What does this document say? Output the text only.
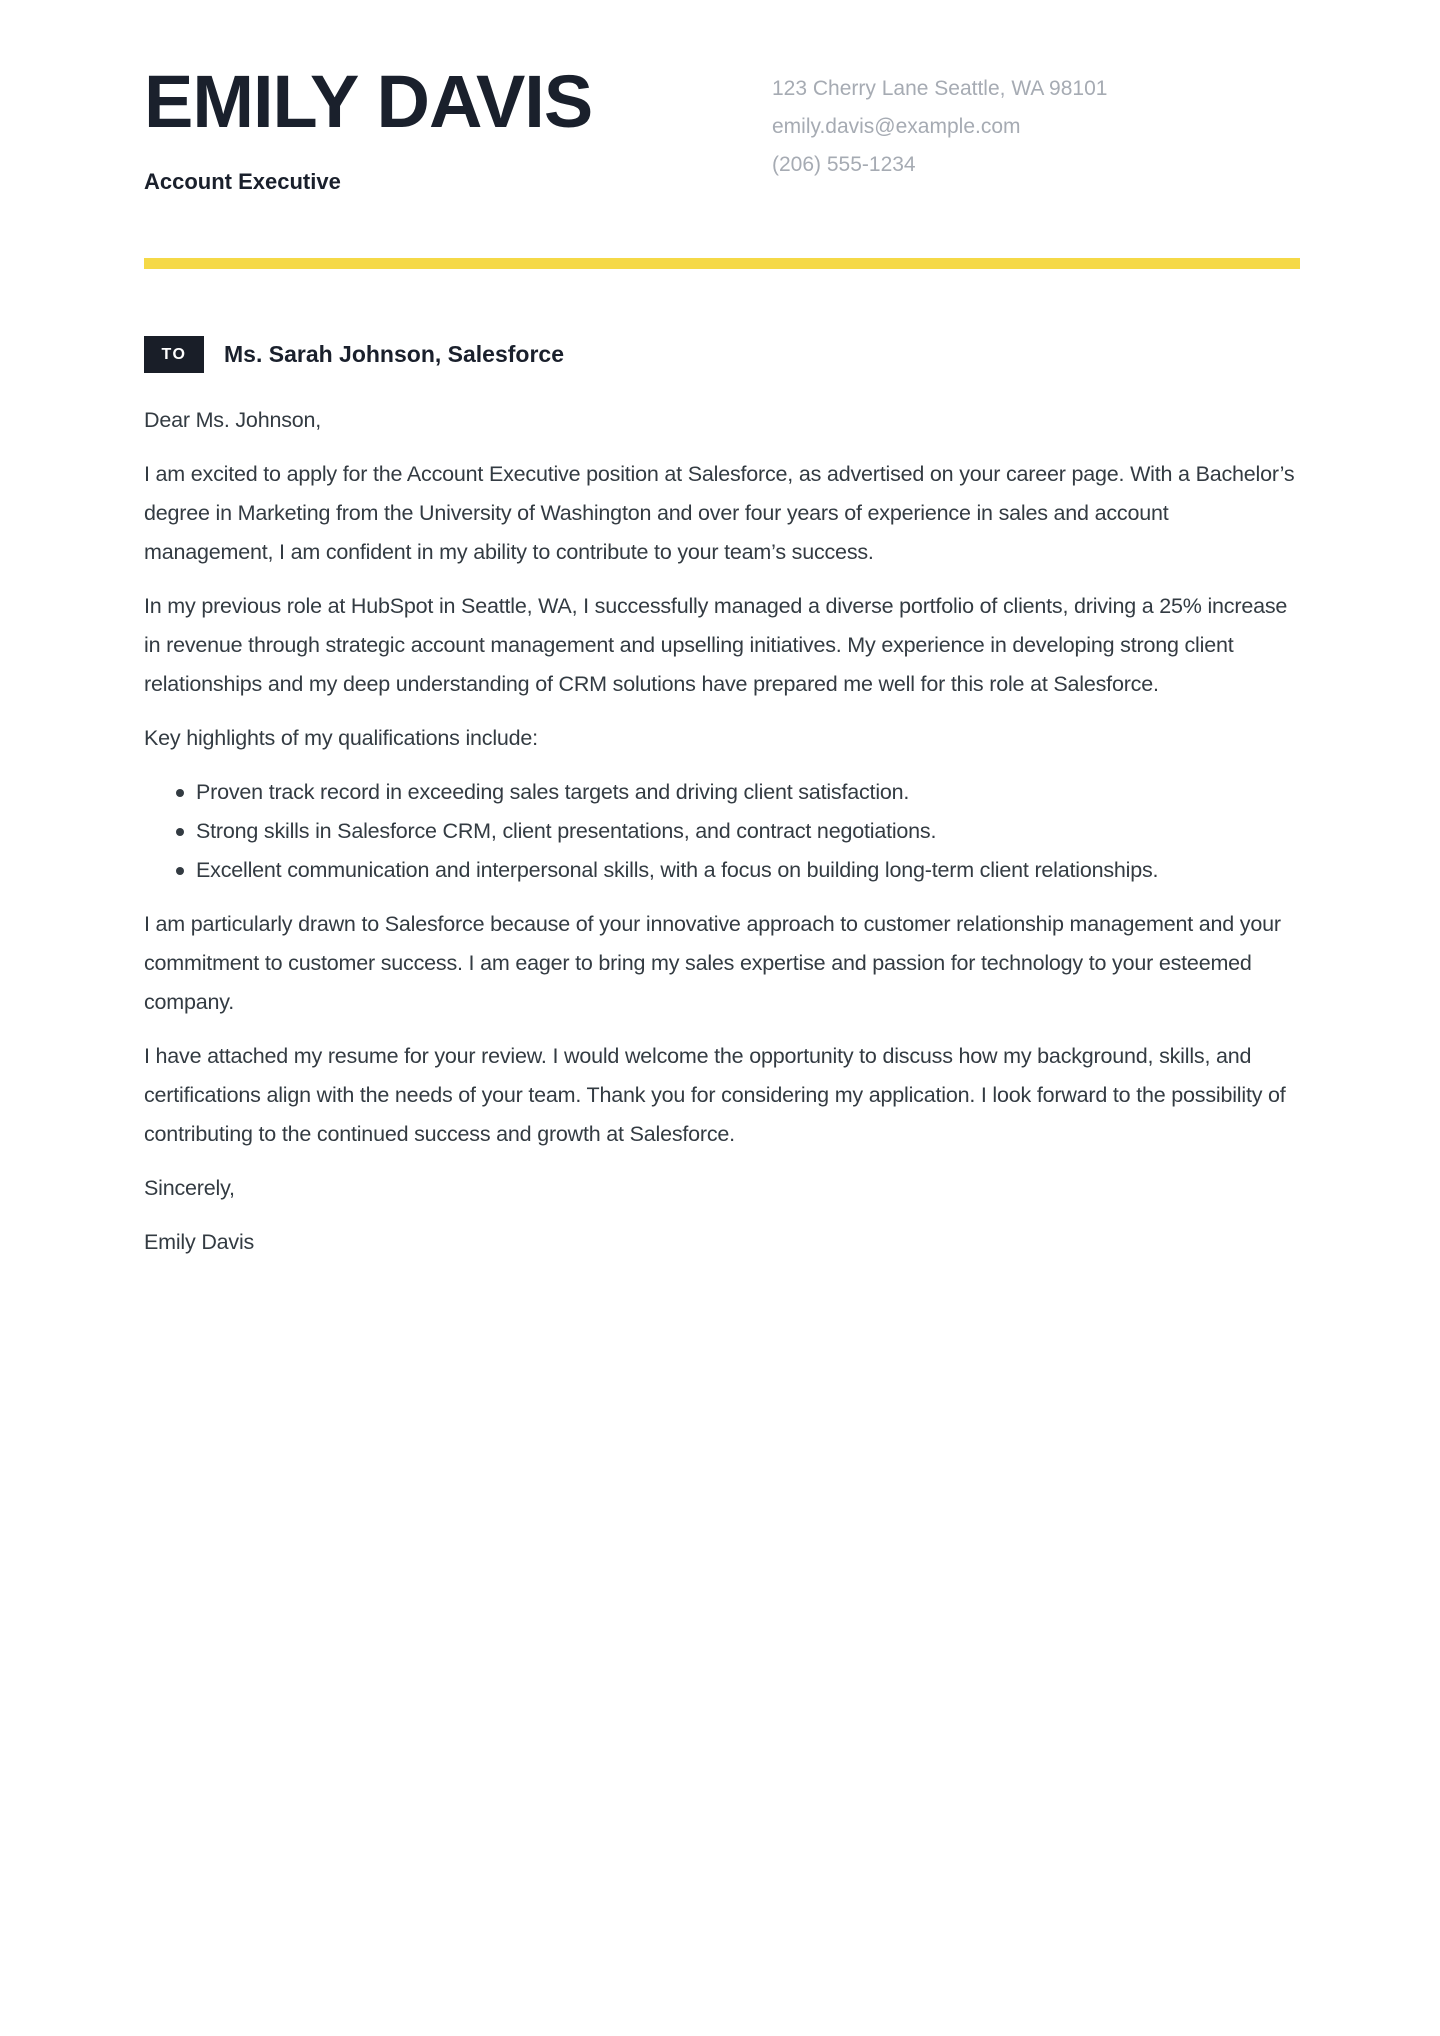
EMILY DAVIS
Account Executive
123 Cherry Lane Seattle, WA 98101
emily.davis@example.com
(206) 555-1234
TO	Ms. Sarah Johnson, Salesforce

Dear Ms. Johnson,

I am excited to apply for the Account Executive position at Salesforce, as advertised on your career page. With a Bachelor’s degree in Marketing from the University of Washington and over four years of experience in sales and account management, I am confident in my ability to contribute to your team’s success.

In my previous role at HubSpot in Seattle, WA, I successfully managed a diverse portfolio of clients, driving a 25% increase in revenue through strategic account management and upselling initiatives. My experience in developing strong client relationships and my deep understanding of CRM solutions have prepared me well for this role at Salesforce.

Key highlights of my qualifications include:

Proven track record in exceeding sales targets and driving client satisfaction.
Strong skills in Salesforce CRM, client presentations, and contract negotiations.
Excellent communication and interpersonal skills, with a focus on building long-term client relationships.

I am particularly drawn to Salesforce because of your innovative approach to customer relationship management and your commitment to customer success. I am eager to bring my sales expertise and passion for technology to your esteemed company.

I have attached my resume for your review. I would welcome the opportunity to discuss how my background, skills, and certifications align with the needs of your team. Thank you for considering my application. I look forward to the possibility of contributing to the continued success and growth at Salesforce.

Sincerely,

Emily Davis
